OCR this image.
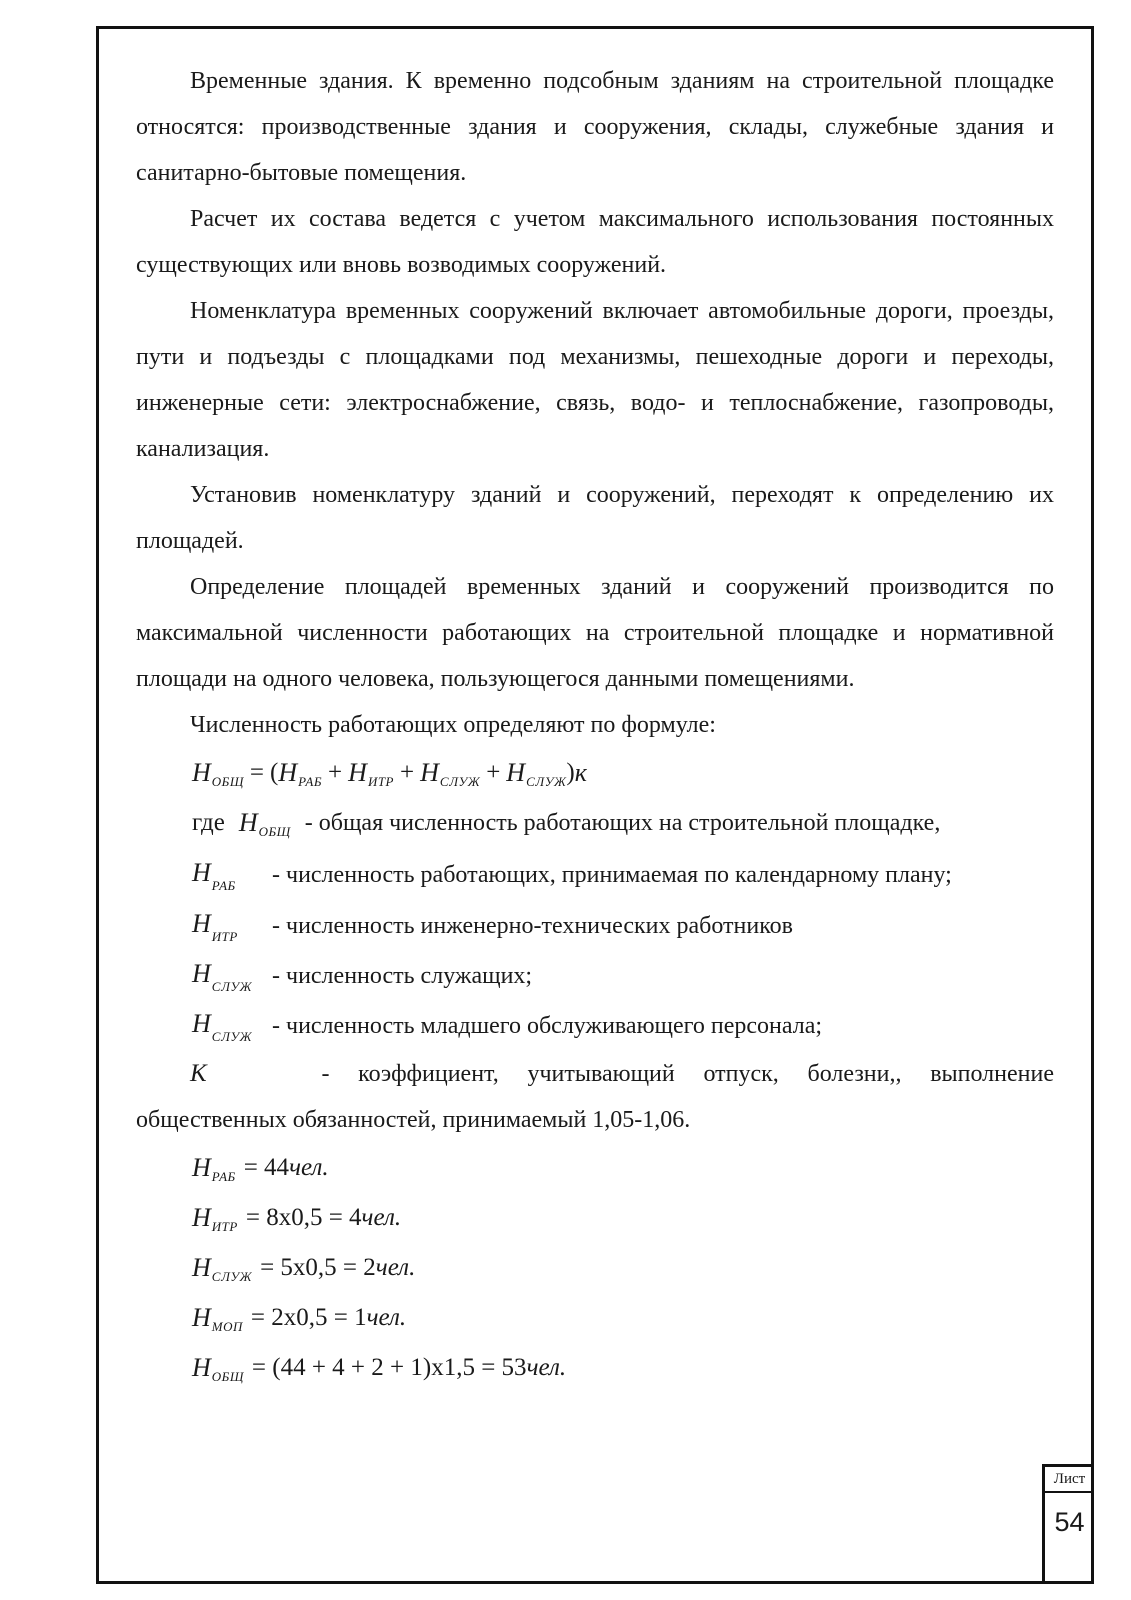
Временные здания. К временно подсобным зданиям на строительной площадке относятся: производственные здания и сооружения, склады, служебные здания и санитарно-бытовые помещения.

Расчет их состава ведется с учетом максимального использования постоянных существующих или вновь возводимых сооружений.

Номенклатура временных сооружений включает автомобильные дороги, проезды, пути и подъезды с площадками под механизмы, пешеходные дороги и переходы, инженерные сети: электроснабжение, связь, водо- и теплоснабжение, газопроводы, канализация.

Установив номенклатуру зданий и сооружений, переходят к определению их площадей.

Определение площадей временных зданий и сооружений производится по максимальной численности работающих на строительной площадке и нормативной площади на одного человека, пользующегося данными помещениями.

Численность работающих определяют по формуле:

Н ОБЩ = ( Н РАБ + Н ИТР + Н СЛУЖ + Н СЛУЖ ) к
где Н ОБЩ - общая численность работающих на строительной площадке,
$Н_{РАБ}$	- численность работающих, принимаемая по календарному плану;
$Н_{ИТР}$	- численность инженерно-технических работников
$Н_{СЛУЖ}$ - численность служащих;
$Н_{СЛУЖ}$ - численность младшего обслуживающего персонала;

К	- коэффициент, учитывающий отпуск, болезни,, выполнение

общественных обязанностей, принимаемый 1,05-1,06.

Н РАБ = 44 чел.
Н ИТР = 8x0,5 = 4 чел.
Н СЛУЖ = 5x0,5 = 2 чел.
Н МОП = 2x0,5 = 1 чел.
Н ОБЩ = (44 + 4 + 2 + 1)x1,5 = 53 чел.
Лист
54
